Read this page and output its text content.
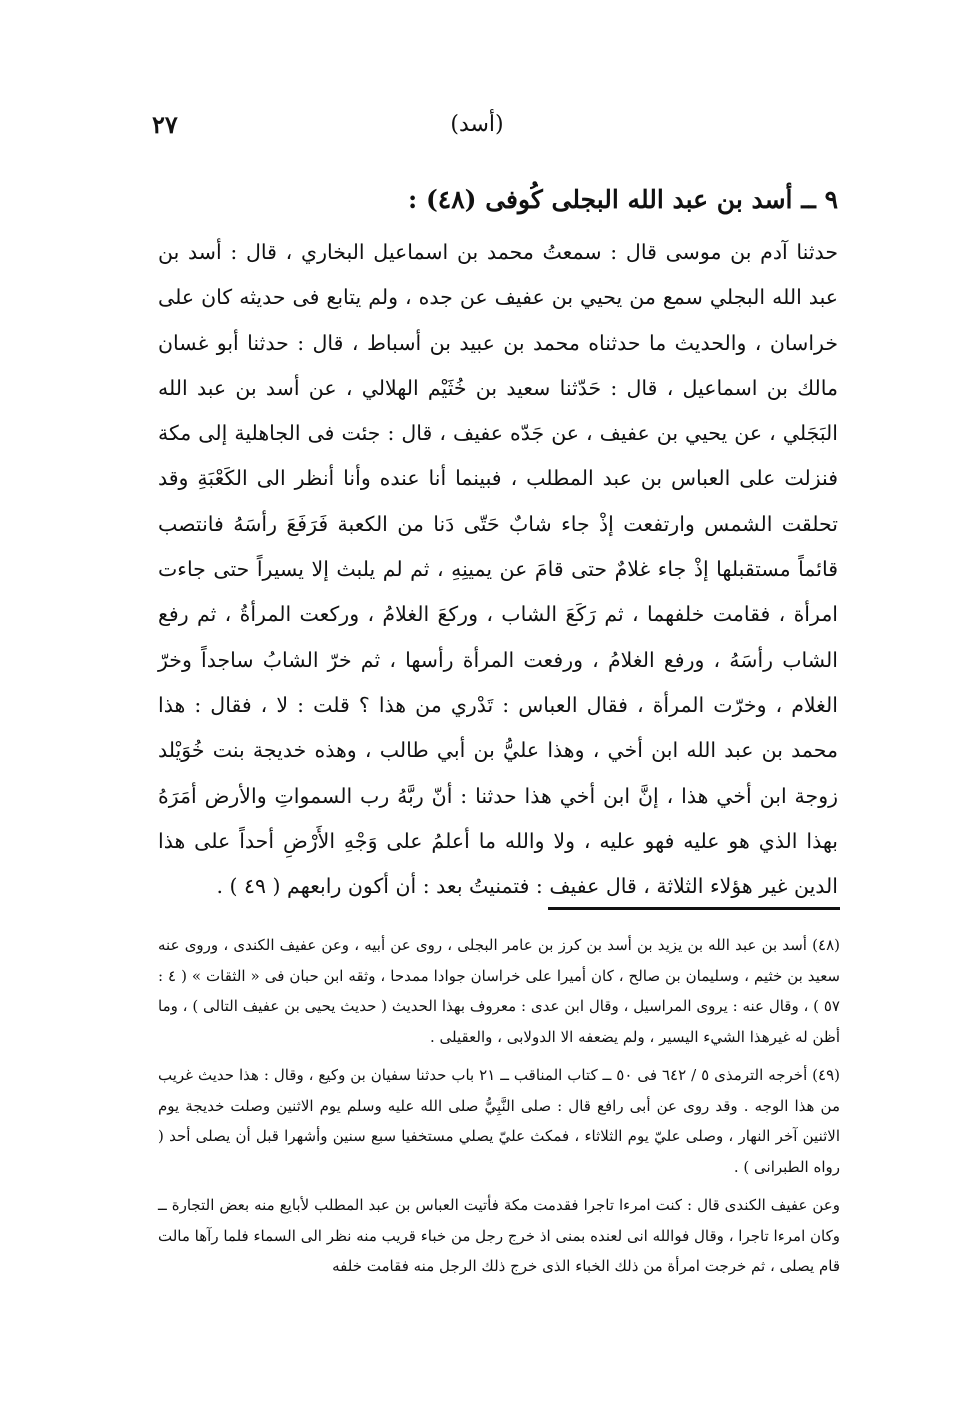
٢٧	(أسد)
٩ ــ أسد بن عبد الله البجلى كُوفى (٤٨) :

حدثنا آدم بن موسى قال : سمعتُ محمد بن اسماعيل البخاري ، قال : أسد بن عبد الله البجلي سمع من يحيي بن عفيف عن جده ، ولم يتابع فى حديثه كان على خراسان ، والحديث ما حدثناه محمد بن عبيد بن أسباط ، قال : حدثنا أبو غسان مالك بن اسماعيل ، قال : حَدّثنا سعيد بن خُثَيْم الهلالي ، عن أسد بن عبد الله البَجَلي ، عن يحيي بن عفيف ، عن جَدّه عفيف ، قال : جئت فى الجاهلية إلى مكة فنزلت على العباس بن عبد المطلب ، فبينما أنا عنده وأنا أنظر الى الكَعْبَةِ وقد تحلقت الشمس وارتفعت إذْ جاء شابٌ حَتّى دَنا من الكعبة فَرَفَعَ رأسَهُ فانتصب قائماً مستقبلها إذْ جاء غلامٌ حتى قامَ عن يمينِهِ ، ثم لم يلبث إلا يسيراً حتى جاءت امرأة ، فقامت خلفهما ، ثم رَكَعَ الشاب ، وركعَ الغلامُ ، وركعت المرأةُ ، ثم رفع الشاب رأسَهُ ، ورفع الغلامُ ، ورفعت المرأة رأسها ، ثم خرّ الشابُ ساجداً وخرّ الغلام ، وخرّت المرأة ، فقال العباس : تَدْري من هذا ؟ قلت : لا ، فقال : هذا محمد بن عبد الله ابن أخي ، وهذا عليُّ بن أبي طالب ، وهذه خديجة بنت خُوَيْلد زوجة ابن أخي هذا ، إنَّ ابن أخي هذا حدثنا : أنّ ربَّهُ رب السمواتِ والأرض أمَرَهُ بهذا الذي هو عليه فهو عليه ، ولا والله ما أعلمُ على وَجْهِ الأَرْضِ أحداً على هذا الدين غير هؤلاء الثلاثة ، قال عفيف : فتمنيتُ بعد : أن أكون رابعهم ( ٤٩ ) .

(٤٨) أسد بن عبد الله بن يزيد بن أسد بن كرز بن عامر البجلى ، روى عن أبيه ، وعن عفيف الكندى ، وروى عنه سعيد بن خثيم ، وسليمان بن صالح ، كان أميرا على خراسان جوادا ممدحا ، وثقه ابن حبان فى « الثقات » ( ٤ : ٥٧ ) ، وقال عنه : يروى المراسيل ، وقال ابن عدى : معروف بهذا الحديث ( حديث يحيى بن عفيف التالى ) ، وما أظن له غيرهذا الشيء اليسير ، ولم يضعفه الا الدولابى ، والعقيلى .

(٤٩) أخرجه الترمذى ٥ / ٦٤٢ فى ٥٠ ــ كتاب المناقب ــ ٢١ باب حدثنا سفيان بن وكيع ، وقال : هذا حديث غريب من هذا الوجه . وقد روى عن أبى رافع قال : صلى النَّبِيُّ صلى الله عليه وسلم يوم الاثنين وصلت خديجة يوم الاثنين آخر النهار ، وصلى عليّ يوم الثلاثاء ، فمكث عليّ يصلي مستخفيا سبع سنين وأشهرا قبل أن يصلى أحد ( رواه الطبرانى ) .

وعن عفيف الكندى قال : كنت امرءا تاجرا فقدمت مكة فأتيت العباس بن عبد المطلب لأبايع منه بعض التجارة ــ وكان امرءا تاجرا ، وقال فوالله انى لعنده بمنى اذ خرج رجل من خباء قريب منه نظر الى السماء فلما رآها مالت قام يصلى ، ثم خرجت امرأة من ذلك الخباء الذى خرج ذلك الرجل منه فقامت خلفه
